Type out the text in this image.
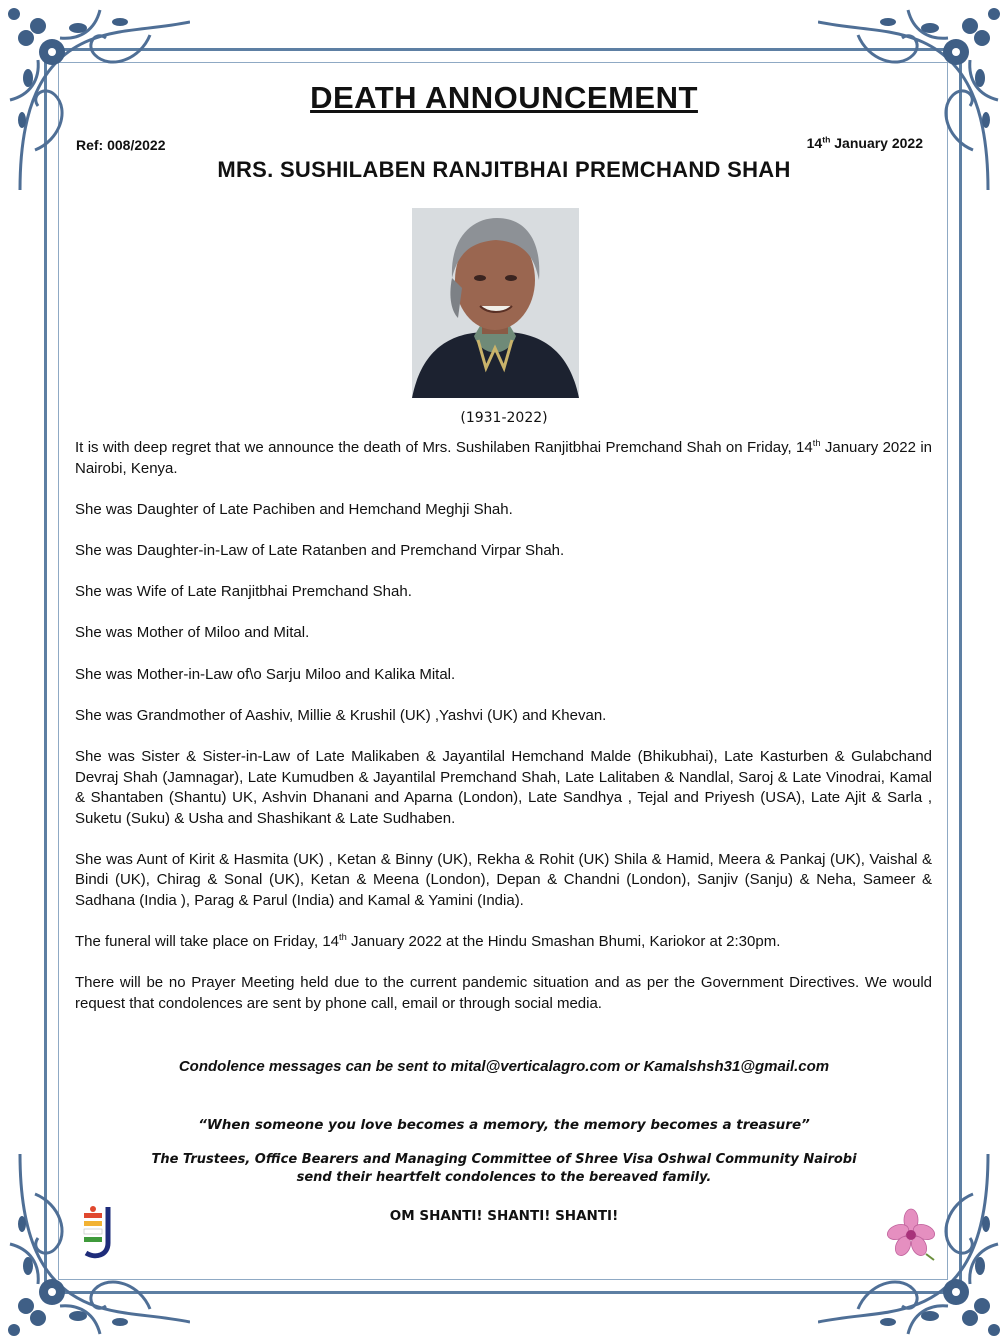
DEATH ANNOUNCEMENT
Ref: 008/2022	14th January 2022
MRS. SUSHILABEN RANJITBHAI PREMCHAND SHAH
(1931-2022)

It is with deep regret that we announce the death of Mrs. Sushilaben Ranjitbhai Premchand Shah on Friday, 14th January 2022 in Nairobi, Kenya.

She was Daughter of Late Pachiben and Hemchand Meghji Shah.

She was Daughter-in-Law of Late Ratanben and Premchand Virpar Shah.

She was Wife of Late Ranjitbhai Premchand Shah.

She was Mother of Miloo and Mital.

She was Mother-in-Law of\o Sarju Miloo and Kalika Mital.

She was Grandmother of Aashiv, Millie & Krushil (UK) ,Yashvi (UK) and Khevan.

She was Sister & Sister-in-Law of Late Malikaben & Jayantilal Hemchand Malde (Bhikubhai), Late Kasturben & Gulabchand Devraj Shah (Jamnagar), Late Kumudben & Jayantilal Premchand Shah, Late Lalitaben & Nandlal, Saroj & Late Vinodrai, Kamal & Shantaben (Shantu) UK, Ashvin Dhanani and Aparna (London), Late Sandhya , Tejal and Priyesh (USA), Late Ajit & Sarla , Suketu (Suku) & Usha and Shashikant & Late Sudhaben.

She was Aunt of Kirit & Hasmita (UK) , Ketan & Binny (UK), Rekha & Rohit (UK) Shila & Hamid, Meera & Pankaj (UK), Vaishal & Bindi (UK), Chirag & Sonal (UK), Ketan & Meena (London), Depan & Chandni (London), Sanjiv (Sanju) & Neha, Sameer & Sadhana (India ), Parag & Parul (India) and Kamal & Yamini (India).

The funeral will take place on Friday, 14th January 2022 at the Hindu Smashan Bhumi, Kariokor at 2:30pm.

There will be no Prayer Meeting held due to the current pandemic situation and as per the Government Directives. We would request that condolences are sent by phone call, email or through social media.

Condolence messages can be sent to mital@verticalagro.com or Kamalshsh31@gmail.com
“When someone you love becomes a memory, the memory becomes a treasure”
The Trustees, Office Bearers and Managing Committee of Shree Visa Oshwal Community Nairobi
send their heartfelt condolences to the bereaved family.
OM SHANTI! SHANTI! SHANTI!
